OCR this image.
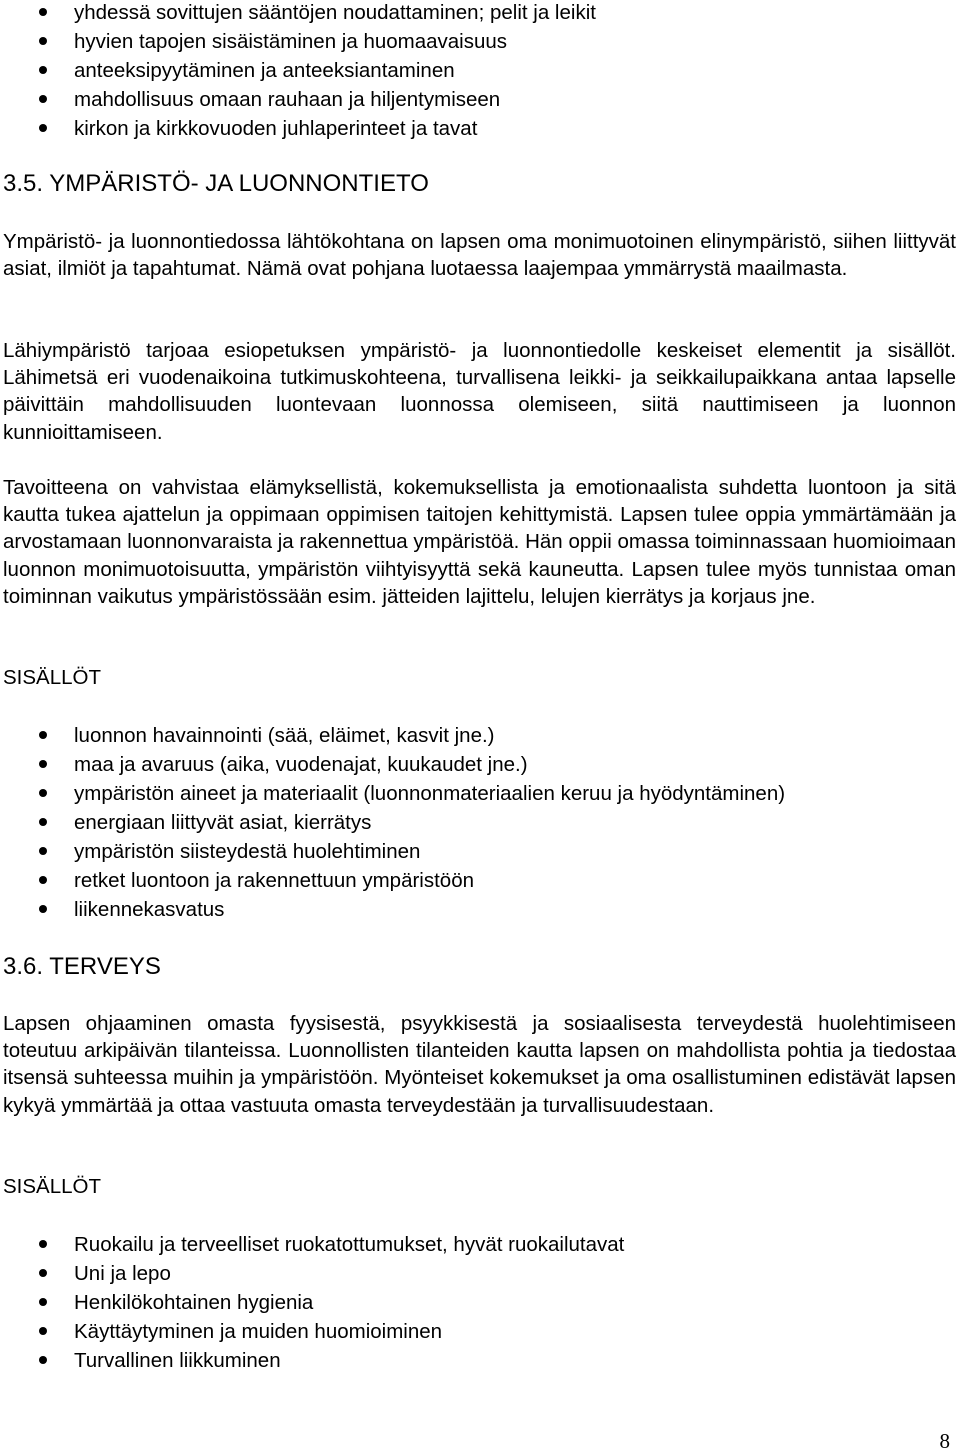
yhdessä sovittujen sääntöjen noudattaminen; pelit ja leikit
hyvien tapojen sisäistäminen ja huomaavaisuus
anteeksipyytäminen ja anteeksiantaminen
mahdollisuus omaan rauhaan ja hiljentymiseen
kirkon ja kirkkovuoden juhlaperinteet ja tavat
3.5. YMPÄRISTÖ- JA LUONNONTIETO

Ympäristö- ja luonnontiedossa lähtökohtana on lapsen oma monimuotoinen elinympäristö, siihen liittyvät asiat, ilmiöt ja tapahtumat. Nämä ovat pohjana luotaessa laajempaa ymmärrystä maailmasta.

Lähiympäristö tarjoaa esiopetuksen ympäristö- ja luonnontiedolle keskeiset elementit ja sisällöt. Lähimetsä eri vuodenaikoina tutkimuskohteena, turvallisena leikki- ja seikkailupaikkana antaa lapselle päivittäin mahdollisuuden luontevaan luonnossa olemiseen, siitä nauttimiseen ja luonnon kunnioittamiseen.

Tavoitteena on vahvistaa elämyksellistä, kokemuksellista ja emotionaalista suhdetta luontoon ja sitä kautta tukea ajattelun ja oppimaan oppimisen taitojen kehittymistä. Lapsen tulee oppia ymmärtämään ja arvostamaan luonnonvaraista ja rakennettua ympäristöä. Hän oppii omassa toiminnassaan huomioimaan luonnon monimuotoisuutta, ympäristön viihtyisyyttä sekä kauneutta. Lapsen tulee myös tunnistaa oman toiminnan vaikutus ympäristössään esim. jätteiden lajittelu, lelujen kierrätys ja korjaus jne.

SISÄLLÖT

luonnon havainnointi (sää, eläimet, kasvit jne.)
maa ja avaruus (aika, vuodenajat, kuukaudet jne.)
ympäristön aineet ja materiaalit (luonnonmateriaalien keruu ja hyödyntäminen)
energiaan liittyvät asiat, kierrätys
ympäristön siisteydestä huolehtiminen
retket luontoon ja rakennettuun ympäristöön
liikennekasvatus
3.6. TERVEYS

Lapsen ohjaaminen omasta fyysisestä, psyykkisestä ja sosiaalisesta terveydestä huolehtimiseen toteutuu arkipäivän tilanteissa. Luonnollisten tilanteiden kautta lapsen on mahdollista pohtia ja tiedostaa itsensä suhteessa muihin ja ympäristöön. Myönteiset kokemukset ja oma osallistuminen edistävät lapsen kykyä ymmärtää ja ottaa vastuuta omasta terveydestään ja turvallisuudestaan.

SISÄLLÖT

Ruokailu ja terveelliset ruokatottumukset, hyvät ruokailutavat
Uni ja lepo
Henkilökohtainen hygienia
Käyttäytyminen ja muiden huomioiminen
Turvallinen liikkuminen
8
